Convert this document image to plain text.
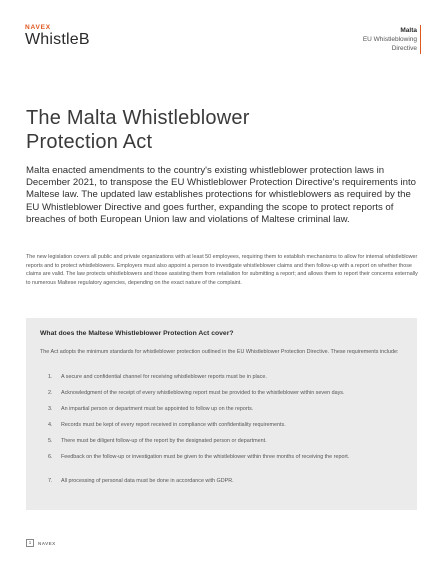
NAVEX
WhistleB
Malta
EU Whistleblowing
Directive
The Malta Whistleblower
Protection Act
Malta enacted amendments to the country's existing whistleblower protection laws in December 2021, to transpose the EU Whistleblower Protection Directive's requirements into Maltese law. The updated law establishes protections for whistleblowers as required by the EU Whistleblower Directive and goes further, expanding the scope to protect reports of breaches of both European Union law and violations of Maltese criminal law.
The new legislation covers all public and private organizations with at least 50 employees, requiring them to establish mechanisms to allow for internal whistleblower reports and to protect whistleblowers. Employers must also appoint a person to investigate whistleblower claims and then follow-up with a report on whether those claims are valid. The law protects whistleblowers and those assisting them from retaliation for submitting a report; and allows them to report their concerns externally to numerous Maltese regulatory agencies, depending on the exact nature of the complaint.
What does the Maltese Whistleblower Protection Act cover?
The Act adopts the minimum standards for whistleblower protection outlined in the EU Whistleblower Protection Directive. These requirements include:
1.	A secure and confidential channel for receiving whistleblower reports must be in place.
2.	Acknowledgment of the receipt of every whistleblowing report must be provided to the whistleblower within seven days.
3.	An impartial person or department must be appointed to follow up on the reports.
4.	Records must be kept of every report received in compliance with confidentiality requirements.
5.	There must be diligent follow-up of the report by the designated person or department.
6.	Feedback on the follow-up or investigation must be given to the whistleblower within three months of receiving the report.
7.	All processing of personal data must be done in accordance with GDPR.
1	NAVEX
